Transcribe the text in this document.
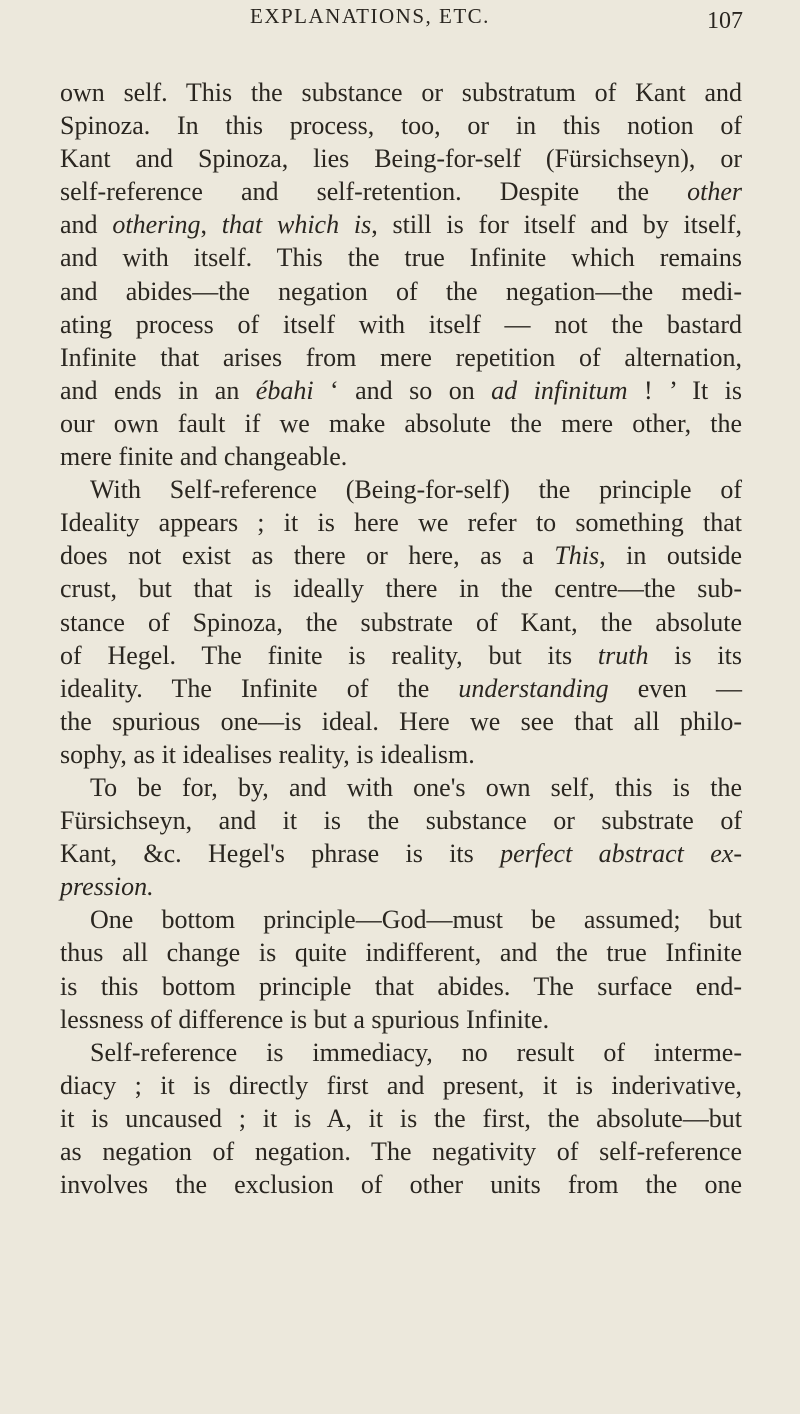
EXPLANATIONS, ETC.	107
own self. This the substance or substratum of Kant and
Spinoza. In this process, too, or in this notion of
Kant and Spinoza, lies Being-for-self (Fürsichseyn), or
self-reference and self-retention. Despite the other
and othering, that which is, still is for itself and by itself,
and with itself. This the true Infinite which remains
and abides—the negation of the negation—the medi-
ating process of itself with itself — not the bastard
Infinite that arises from mere repetition of alternation,
and ends in an ébahi ‘ and so on ad infinitum ! ’ It is
our own fault if we make absolute the mere other, the
mere finite and changeable.
With Self-reference (Being-for-self) the principle of
Ideality appears ; it is here we refer to something that
does not exist as there or here, as a This, in outside
crust, but that is ideally there in the centre—the sub-
stance of Spinoza, the substrate of Kant, the absolute
of Hegel. The finite is reality, but its truth is its
ideality. The Infinite of the understanding even —
the spurious one—is ideal. Here we see that all philo-
sophy, as it idealises reality, is idealism.
To be for, by, and with one's own self, this is the
Fürsichseyn, and it is the substance or substrate of
Kant, &c. Hegel's phrase is its perfect abstract ex-
pression.
One bottom principle—God—must be assumed; but
thus all change is quite indifferent, and the true Infinite
is this bottom principle that abides. The surface end-
lessness of difference is but a spurious Infinite.
Self-reference is immediacy, no result of interme-
diacy ; it is directly first and present, it is inderivative,
it is uncaused ; it is A, it is the first, the absolute—but
as negation of negation. The negativity of self-reference
involves the exclusion of other units from the one
